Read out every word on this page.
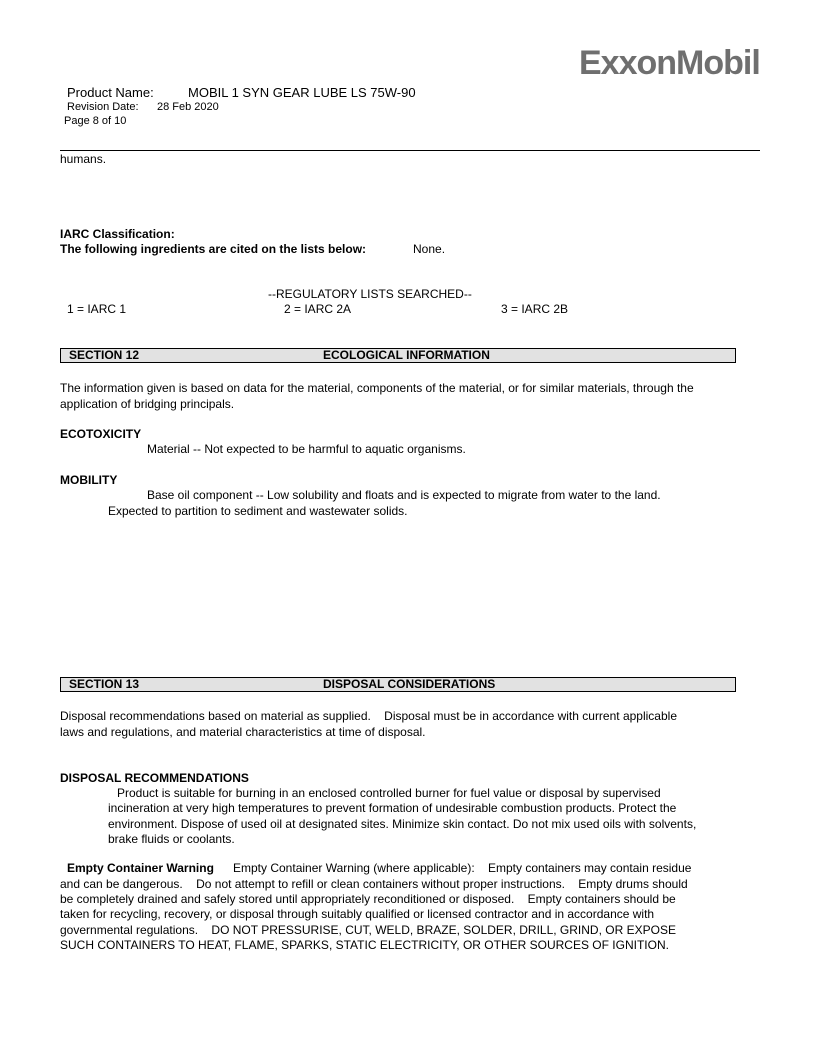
ExxonMobil
Product Name:	MOBIL 1 SYN GEAR LUBE LS 75W-90
Revision Date: 28 Feb 2020
Page 8 of 10
humans.
IARC Classification:
The following ingredients are cited on the lists below:	None.
--REGULATORY LISTS SEARCHED--
1 = IARC 1	2 = IARC 2A	3 = IARC 2B
SECTION 12	ECOLOGICAL INFORMATION
The information given is based on data for the material, components of the material, or for similar materials, through the
application of bridging principals.
ECOTOXICITY
Material -- Not expected to be harmful to aquatic organisms.
MOBILITY
Base oil component -- Low solubility and floats and is expected to migrate from water to the land.
Expected to partition to sediment and wastewater solids.
SECTION 13	DISPOSAL CONSIDERATIONS
Disposal recommendations based on material as supplied.    Disposal must be in accordance with current applicable
laws and regulations, and material characteristics at time of disposal.
DISPOSAL RECOMMENDATIONS
Product is suitable for burning in an enclosed controlled burner for fuel value or disposal by supervised
incineration at very high temperatures to prevent formation of undesirable combustion products. Protect the
environment. Dispose of used oil at designated sites. Minimize skin contact. Do not mix used oils with solvents,
brake fluids or coolants.
Empty Container Warning Empty Container Warning (where applicable):    Empty containers may contain residue
and can be dangerous.    Do not attempt to refill or clean containers without proper instructions.    Empty drums should
be completely drained and safely stored until appropriately reconditioned or disposed.    Empty containers should be
taken for recycling, recovery, or disposal through suitably qualified or licensed contractor and in accordance with
governmental regulations.    DO NOT PRESSURISE, CUT, WELD, BRAZE, SOLDER, DRILL, GRIND, OR EXPOSE
SUCH CONTAINERS TO HEAT, FLAME, SPARKS, STATIC ELECTRICITY, OR OTHER SOURCES OF IGNITION.
